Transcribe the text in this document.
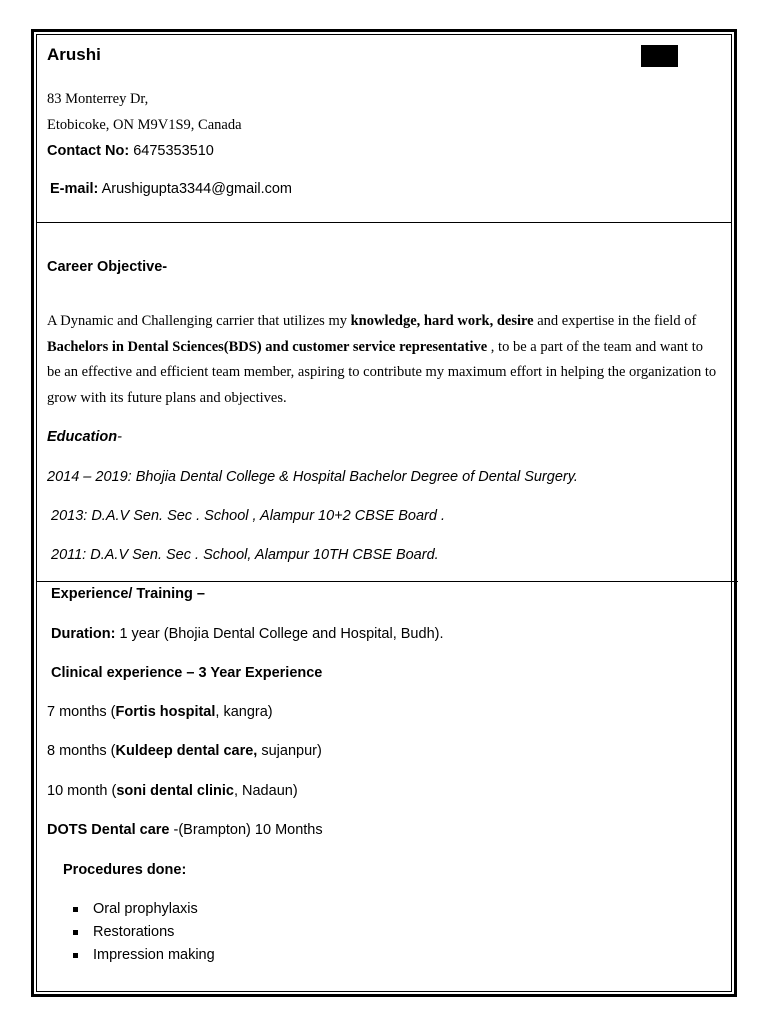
Arushi
83 Monterrey Dr,
Etobicoke, ON M9V1S9, Canada
Contact No: 6475353510
E-mail: Arushigupta3344@gmail.com
Career Objective-
A Dynamic and Challenging carrier that utilizes my knowledge, hard work, desire and expertise in the field of Bachelors in Dental Sciences(BDS) and customer service representative , to be a part of the team and want to be an effective and efficient team member, aspiring to contribute my maximum effort in helping the organization to grow with its future plans and objectives.
Education-
2014 – 2019: Bhojia Dental College & Hospital Bachelor Degree of Dental Surgery.
2013: D.A.V Sen. Sec . School , Alampur 10+2 CBSE Board .
2011: D.A.V Sen. Sec . School, Alampur 10TH CBSE Board.
Experience/ Training –
Duration: 1 year (Bhojia Dental College and Hospital, Budh).
Clinical experience – 3 Year Experience
7 months (Fortis hospital, kangra)
8 months (Kuldeep dental care, sujanpur)
10 month (soni dental clinic, Nadaun)
DOTS Dental care -(Brampton) 10 Months
Procedures done:
Oral prophylaxis
Restorations
Impression making
